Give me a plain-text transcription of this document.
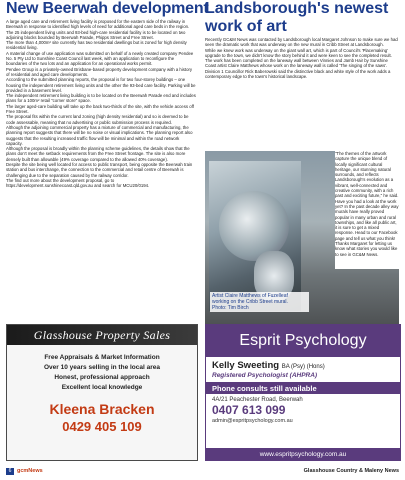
New Beerwah development

A large aged care and retirement living facility is proposed for the eastern side of the railway in Beerwah in response to identified high levels of need for additional aged care beds in the region.

The 25 independent living units and 93-bed high-care residential facility is to be located on two adjoining blocks bounded by Beerwah Parade, Phipps Street and Free Street.

The more than 4,000m² site currently has two residential dwellings but is zoned for high density residential living.

A material change of use application was submitted on behalf of a newly created company Pendee No. 5 Pty Ltd to Sunshine Coast Council last week, with an application to reconfigure the boundaries of the two lots and an application for an operational works permit.

Pendee Group is a privately-owned Brisbane-based property development company with a history of residential and aged care developments.

According to the submitted planning reports, the proposal is for two four-storey buildings – one housing the independent retirement living units and the other the 93-bed care facility. Parking will be provided in a basement level.

The independent retirement living building is to be located on the Beerwah Parade end and includes plans for a 100m² retail "corner store" space.

The larger aged-care building will take up the back two-thirds of the site, with the vehicle access off Free Street.

The proposal fits within the current land zoning (high density residential) and so is deemed to be code assessable, meaning that no advertising or public submission process is required.

Although the adjoining commercial property has a mixture of commercial and manufacturing, the planning report suggests that there will be no noise or visual implications. The planning report also suggests that the resulting increased traffic flow will be minimal and within the road network capacity.

Although the proposal is broadly within the planning scheme guidelines, the details show that the plans don't meet the setback requirements from the Free Street frontage. The site is also more densely built than allowable (49% coverage compared to the allowed 40% coverage).

Despite the site being well located for access to public transport, being opposite the Beerwah train station and bus interchange, the connection to the commercial and retail centre of Beerwah is challenging due to the separation caused by the railway corridor.

The find out more about the development proposal, go to https://development.sunshinecoast.qld.gov.au and search for MCU20/0194.

Landsborough's newest work of art

Recently GC&M News was contacted by Landsborough local Margaret Johnson to make sure we had seen the dramatic work that was underway on the new mural in Cribb Street at Landsborough.

While we knew work was underway on the giant wall art, which is part of Council's 'Placemaking' upgrade to the town, we didn't know the story behind it and were keen to see the completed result.

The work has been completed on the laneway wall between Vinnies and Jamb Hair by Sunshine Coast artist Claire Matthews whose work on the laneway wall is called 'The singing of the saws'.

Division 1 Councillor Rick Baberowski said the distinctive black and white style of the work adds a contemporary edge to the town's historical landscape.

"The themes of the artwork capture the unique blend of locally significant cultural heritage, our stunning natural surrounds, and reflects Landsborough's evolution as a vibrant, well-connected and creative community, with a rich past and exciting future," he said.

Have you had a look at the work yet? In the past decade alley way murals have really proved popular in many urban and rural townships, and like all public art, it is sure to get a mixed response. Head to our Facebook page and tell us what you think!

Thanks Margaret for letting us know what stories you would like to see in GC&M News.

Artist Claire Matthews of Fuzelleaf
working on the Cribb Street mural.
Photo: Tim Birch
Glasshouse Property Sales
Free Appraisals & Market Information
Over 10 years selling in the local area
Honest, professional approach
Excellent local knowledge
Kleena Bracken
0429 405 109
Esprit Psychology
Kelly Sweeting BA (Psy) (Hons)
Registered Psychologist (AHPRA)
Phone consults still available
4A/21 Peachester Road, Beerwah
0407 613 099
admin@espritpsychology.com.au
www.espritpsychology.com.au
6	gcmNews	Glasshouse Country & Maleny News
